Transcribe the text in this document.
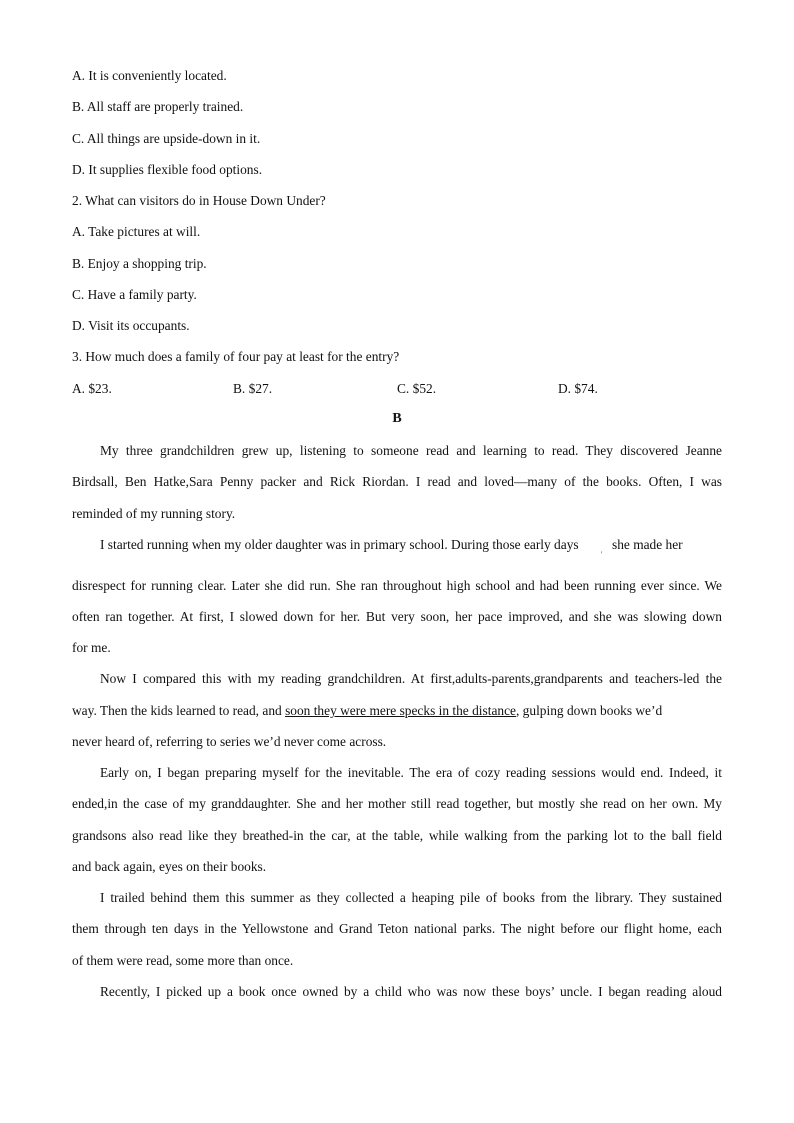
A. It is conveniently located.
B. All staff are properly trained.
C. All things are upside-down in it.
D. It supplies flexible food options.
2. What can visitors do in House Down Under?
A. Take pictures at will.
B. Enjoy a shopping trip.
C. Have a family party.
D. Visit its occupants.
3. How much does a family of four pay at least for the entry?
A. $23.	B. $27.	C. $52.	D. $74.
B
My three grandchildren grew up, listening to someone read and learning to read. They discovered Jeanne
Birdsall, Ben Hatke,Sara Penny packer and Rick Riordan. I read and loved—many of the books. Often, I was
reminded of my running story.
I started running when my older daughter was in primary school. During those early days
'
she made her
disrespect for running clear. Later she did run. She ran throughout high school and had been running ever since. We
often ran together. At first, I slowed down for her. But very soon, her pace improved, and she was slowing down
for me.
Now I compared this with my reading grandchildren. At first,adults-parents,grandparents and teachers-led the
way. Then the kids learned to read, and soon they were mere specks in the distance, gulping down books we’d
never heard of, referring to series we’d never come across.
Early on, I began preparing myself for the inevitable. The era of cozy reading sessions would end. Indeed, it
ended,in the case of my granddaughter. She and her mother still read together, but mostly she read on her own. My
grandsons also read like they breathed-in the car, at the table, while walking from the parking lot to the ball field
and back again, eyes on their books.
I trailed behind them this summer as they collected a heaping pile of books from the library. They sustained
them through ten days in the Yellowstone and Grand Teton national parks. The night before our flight home, each
of them were read, some more than once.
Recently, I picked up a book once owned by a child who was now these boys’ uncle. I began reading aloud
